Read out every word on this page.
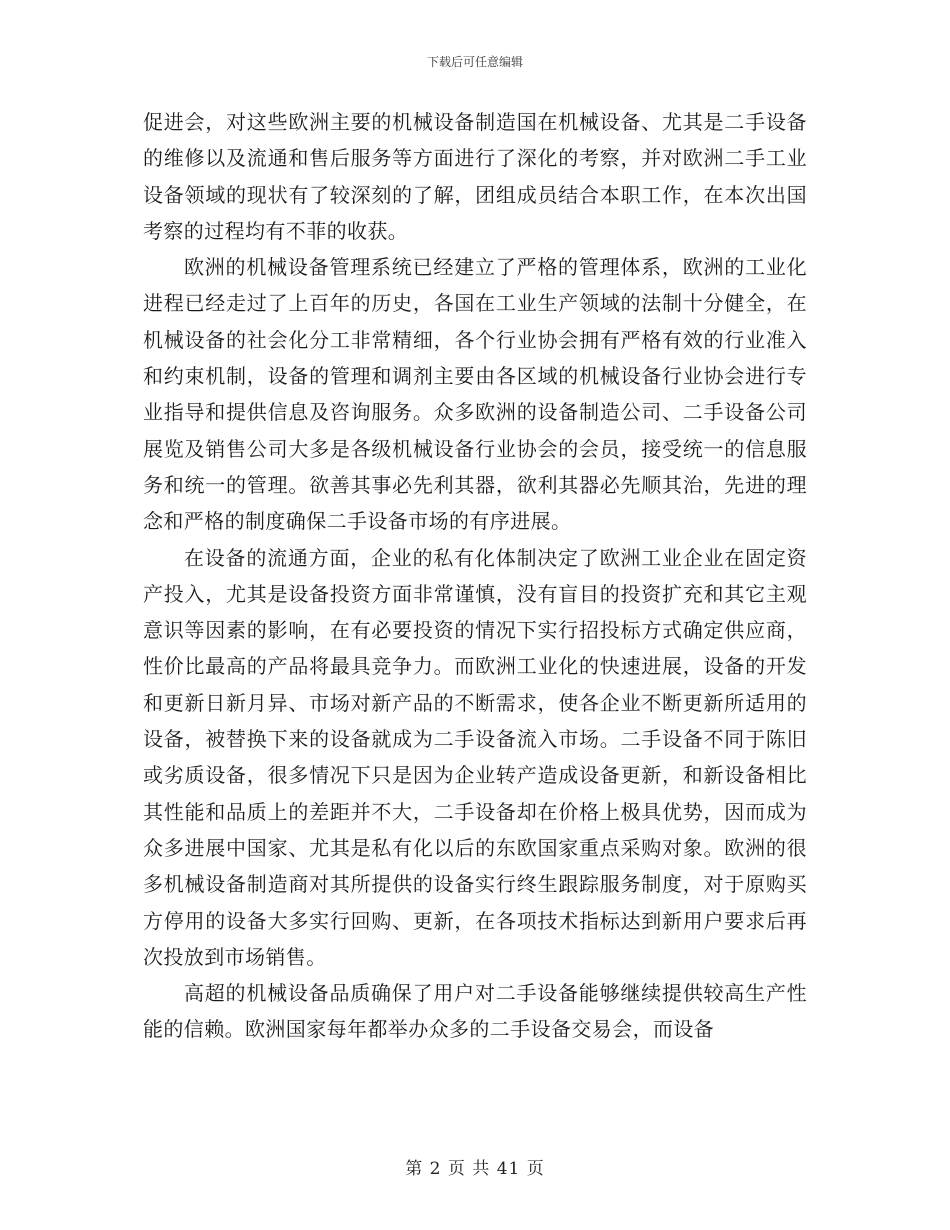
下载后可任意编辑

促进会，对这些欧洲主要的机械设备制造国在机械设备、尤其是二手设备的维修以及流通和售后服务等方面进行了深化的考察，并对欧洲二手工业设备领域的现状有了较深刻的了解，团组成员结合本职工作，在本次出国考察的过程均有不菲的收获。

欧洲的机械设备管理系统已经建立了严格的管理体系，欧洲的工业化进程已经走过了上百年的历史，各国在工业生产领域的法制十分健全，在机械设备的社会化分工非常精细，各个行业协会拥有严格有效的行业准入和约束机制，设备的管理和调剂主要由各区域的机械设备行业协会进行专业指导和提供信息及咨询服务。众多欧洲的设备制造公司、二手设备公司展览及销售公司大多是各级机械设备行业协会的会员，接受统一的信息服务和统一的管理。欲善其事必先利其器，欲利其器必先顺其治，先进的理念和严格的制度确保二手设备市场的有序进展。

在设备的流通方面，企业的私有化体制决定了欧洲工业企业在固定资产投入，尤其是设备投资方面非常谨慎，没有盲目的投资扩充和其它主观意识等因素的影响，在有必要投资的情况下实行招投标方式确定供应商，性价比最高的产品将最具竞争力。而欧洲工业化的快速进展，设备的开发和更新日新月异、市场对新产品的不断需求，使各企业不断更新所适用的设备，被替换下来的设备就成为二手设备流入市场。二手设备不同于陈旧或劣质设备，很多情况下只是因为企业转产造成设备更新，和新设备相比其性能和品质上的差距并不大，二手设备却在价格上极具优势，因而成为众多进展中国家、尤其是私有化以后的东欧国家重点采购对象。欧洲的很多机械设备制造商对其所提供的设备实行终生跟踪服务制度，对于原购买方停用的设备大多实行回购、更新，在各项技术指标达到新用户要求后再次投放到市场销售。

高超的机械设备品质确保了用户对二手设备能够继续提供较高生产性能的信赖。欧洲国家每年都举办众多的二手设备交易会，而设备

第 2 页 共 41 页
